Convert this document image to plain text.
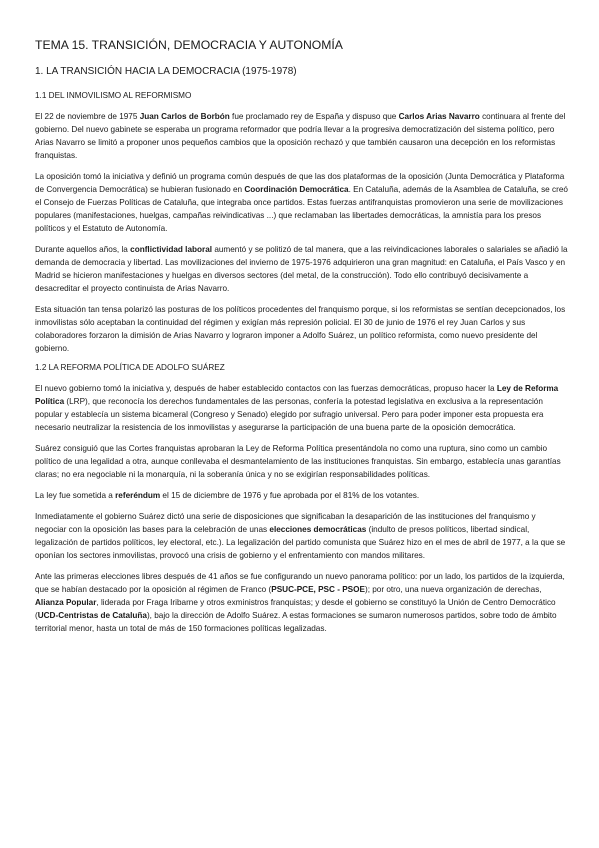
TEMA 15. TRANSICIÓN, DEMOCRACIA Y AUTONOMÍA
1. LA TRANSICIÓN HACIA LA DEMOCRACIA (1975-1978)
1.1 DEL INMOVILISMO AL REFORMISMO
El 22 de noviembre de 1975 Juan Carlos de Borbón fue proclamado rey de España y dispuso que Carlos Arias Navarro continuara al frente del gobierno. Del nuevo gabinete se esperaba un programa reformador que podría llevar a la progresiva democratización del sistema político, pero Arias Navarro se limitó a proponer unos pequeños cambios que la oposición rechazó y que también causaron una decepción en los reformistas franquistas.
La oposición tomó la iniciativa y definió un programa común después de que las dos plataformas de la oposición (Junta Democrática y Plataforma de Convergencia Democrática) se hubieran fusionado en Coordinación Democrática. En Cataluña, además de la Asamblea de Cataluña, se creó el Consejo de Fuerzas Políticas de Cataluña, que integraba once partidos. Estas fuerzas antifranquistas promovieron una serie de movilizaciones populares (manifestaciones, huelgas, campañas reivindicativas ...) que reclamaban las libertades democráticas, la amnistía para los presos políticos y el Estatuto de Autonomía.
Durante aquellos años, la conflictividad laboral aumentó y se politizó de tal manera, que a las reivindicaciones laborales o salariales se añadió la demanda de democracia y libertad. Las movilizaciones del invierno de 1975-1976 adquirieron una gran magnitud: en Cataluña, el País Vasco y en Madrid se hicieron manifestaciones y huelgas en diversos sectores (del metal, de la construcción). Todo ello contribuyó decisivamente a desacreditar el proyecto continuista de Arias Navarro.
Esta situación tan tensa polarizó las posturas de los políticos procedentes del franquismo porque, si los reformistas se sentían decepcionados, los inmovilistas sólo aceptaban la continuidad del régimen y exigían más represión policial. El 30 de junio de 1976 el rey Juan Carlos y sus colaboradores forzaron la dimisión de Arias Navarro y lograron imponer a Adolfo Suárez, un político reformista, como nuevo presidente del gobierno.
1.2 LA REFORMA POLÍTICA DE ADOLFO SUÁREZ
El nuevo gobierno tomó la iniciativa y, después de haber establecido contactos con las fuerzas democráticas, propuso hacer la Ley de Reforma Política (LRP), que reconocía los derechos fundamentales de las personas, confería la potestad legislativa en exclusiva a la representación popular y establecía un sistema bicameral (Congreso y Senado) elegido por sufragio universal. Pero para poder imponer esta propuesta era necesario neutralizar la resistencia de los inmovilistas y asegurarse la participación de una buena parte de la oposición democrática.
Suárez consiguió que las Cortes franquistas aprobaran la Ley de Reforma Política presentándola no como una ruptura, sino como un cambio político de una legalidad a otra, aunque conllevaba el desmantelamiento de las instituciones franquistas. Sin embargo, establecía unas garantías claras; no era negociable ni la monarquía, ni la soberanía única y no se exigirían responsabilidades políticas.
La ley fue sometida a referéndum el 15 de diciembre de 1976 y fue aprobada por el 81% de los votantes.
Inmediatamente el gobierno Suárez dictó una serie de disposiciones que significaban la desaparición de las instituciones del franquismo y negociar con la oposición las bases para la celebración de unas elecciones democráticas (indulto de presos políticos, libertad sindical, legalización de partidos políticos, ley electoral, etc.). La legalización del partido comunista que Suárez hizo en el mes de abril de 1977, a la que se oponían los sectores inmovilistas, provocó una crisis de gobierno y el enfrentamiento con mandos militares.
Ante las primeras elecciones libres después de 41 años se fue configurando un nuevo panorama político: por un lado, los partidos de la izquierda, que se habían destacado por la oposición al régimen de Franco (PSUC-PCE, PSC - PSOE); por otro, una nueva organización de derechas, Alianza Popular, liderada por Fraga Iribarne y otros exministros franquistas; y desde el gobierno se constituyó la Unión de Centro Democrático (UCD-Centristas de Cataluña), bajo la dirección de Adolfo Suárez. A estas formaciones se sumaron numerosos partidos, sobre todo de ámbito territorial menor, hasta un total de más de 150 formaciones políticas legalizadas.
